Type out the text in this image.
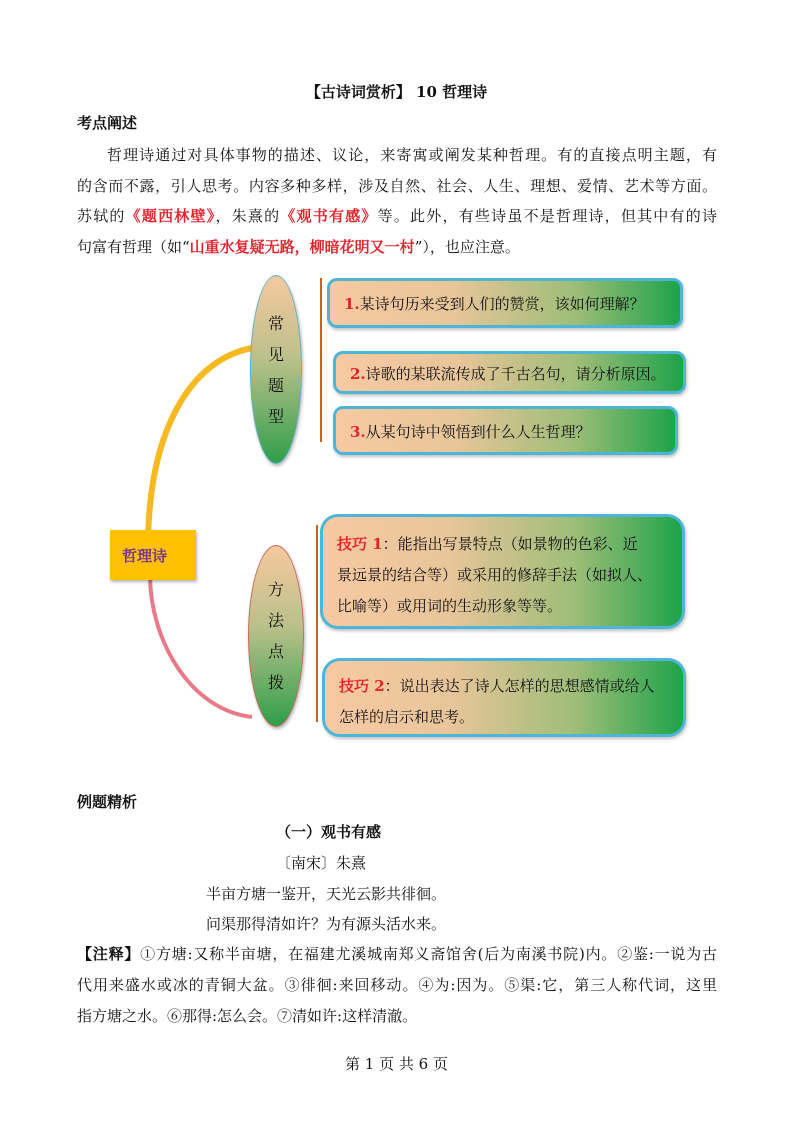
【古诗词赏析】 10 哲理诗
考点阐述
哲理诗通过对具体事物的描述、议论，来寄寓或阐发某种哲理。有的直接点明主题，有
的含而不露，引人思考。内容多种多样，涉及自然、社会、人生、理想、爱情、艺术等方面。
苏轼的《题西林壁》，朱熹的《观书有感》等。此外，有些诗虽不是哲理诗，但其中有的诗
句富有哲理（如“山重水复疑无路，柳暗花明又一村”），也应注意。
哲理诗
常
见
题
型
方
法
点
拨
1.某诗句历来受到人们的赞赏，该如何理解？
2.诗歌的某联流传成了千古名句，请分析原因。
3.从某句诗中领悟到什么人生哲理？
技巧 1：能指出写景特点（如景物的色彩、近
景远景的结合等）或采用的修辞手法（如拟人、
比喻等）或用词的生动形象等等。
技巧 2：说出表达了诗人怎样的思想感情或给人
怎样的启示和思考。
例题精析
（一）观书有感
〔南宋〕朱熹
半亩方塘一鉴开，天光云影共徘徊。
问渠那得清如许？为有源头活水来。
【注释】①方塘:又称半亩塘，在福建尤溪城南郑义斋馆舍(后为南溪书院)内。②鉴:一说为古
代用来盛水或冰的青铜大盆。③徘徊:来回移动。④为:因为。⑤渠:它，第三人称代词，这里
指方塘之水。⑥那得:怎么会。⑦清如许:这样清澈。
第 1 页 共 6 页
